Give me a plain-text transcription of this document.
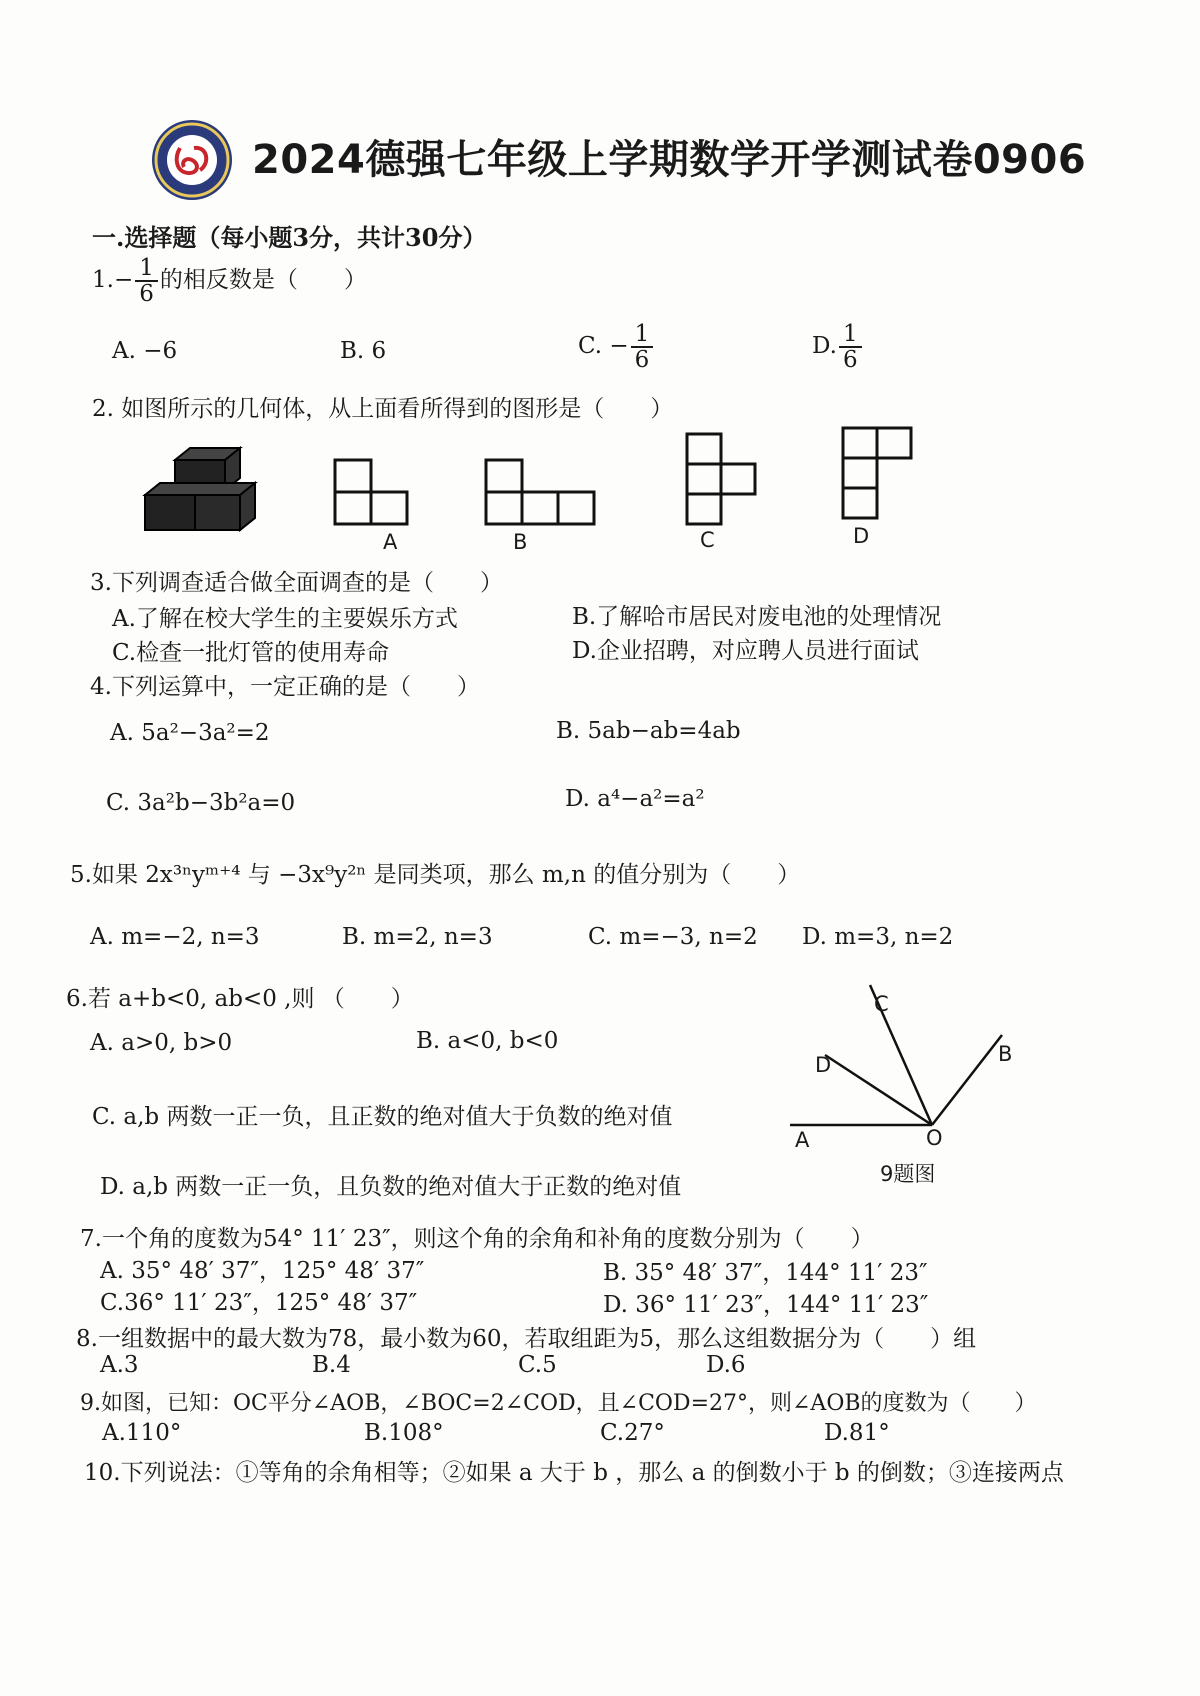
2024德强七年级上学期数学开学测试卷0906
一.选择题（每小题3分，共计30分）
$1.- \frac{1}{6}$ 的相反数是（　　）
A. −6	B. 6	C. − $\frac{1}{6}$	D. $\frac{1}{6}$
2. 如图所示的几何体，从上面看所得到的图形是（　　）
A	B	C	D
3.下列调查适合做全面调查的是（　　）
A.了解在校大学生的主要娱乐方式	B.了解哈市居民对废电池的处理情况
C.检查一批灯管的使用寿命	D.企业招聘，对应聘人员进行面试
4.下列运算中，一定正确的是（　　）
A. 5a²−3a²=2	B. 5ab−ab=4ab
C. 3a²b−3b²a=0	D. a⁴−a²=a²
5.如果 2x³ⁿyᵐ⁺⁴ 与 −3x⁹y²ⁿ 是同类项，那么 m,n 的值分别为（　　）
A. m=−2, n=3	B. m=2, n=3	C. m=−3, n=2 D. m=3, n=2
6.若 a+b<0, ab<0 ,则 （　　）
A. a>0, b>0	B. a<0, b<0
C. a,b 两数一正一负，且正数的绝对值大于负数的绝对值
D. a,b 两数一正一负，且负数的绝对值大于正数的绝对值
A
B
C
D
O
9题图
7.一个角的度数为54° 11′ 23″，则这个角的余角和补角的度数分别为（　　）
A. 35° 48′ 37″，125° 48′ 37″	B. 35° 48′ 37″，144° 11′ 23″
C.36° 11′ 23″，125° 48′ 37″	D. 36° 11′ 23″，144° 11′ 23″
8.一组数据中的最大数为78，最小数为60，若取组距为5，那么这组数据分为（　　）组
A.3	B.4	C.5	D.6
9.如图，已知：OC平分∠AOB，∠BOC=2∠COD，且∠COD=27°，则∠AOB的度数为（　　）
A.110°	B.108°	C.27°	D.81°
10.下列说法：①等角的余角相等；②如果 a 大于 b ，那么 a 的倒数小于 b 的倒数；③连接两点
